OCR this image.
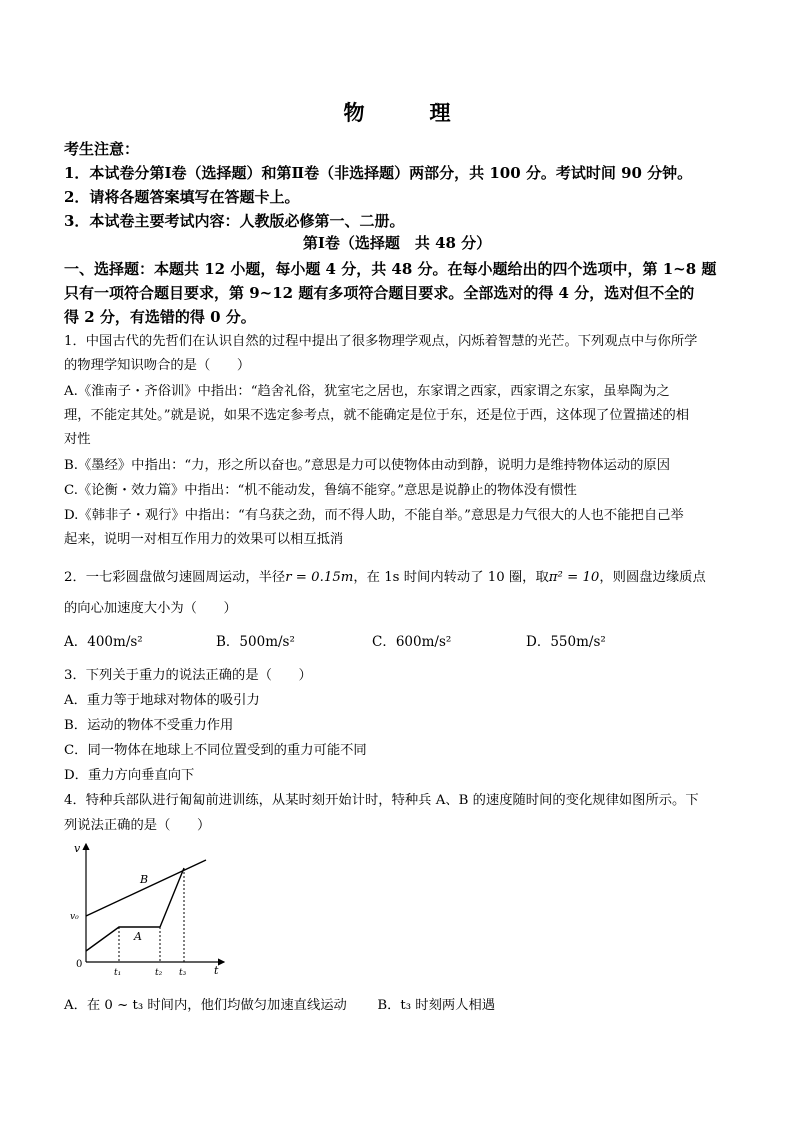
物　理
考生注意：
1．本试卷分第Ⅰ卷（选择题）和第Ⅱ卷（非选择题）两部分，共 100 分。考试时间 90 分钟。
2．请将各题答案填写在答题卡上。
3．本试卷主要考试内容：人教版必修第一、二册。
第Ⅰ卷（选择题　共 48 分）
一、选择题：本题共 12 小题，每小题 4 分，共 48 分。在每小题给出的四个选项中，第 1~8 题
只有一项符合题目要求，第 9~12 题有多项符合题目要求。全部选对的得 4 分，选对但不全的
得 2 分，有选错的得 0 分。
1．中国古代的先哲们在认识自然的过程中提出了很多物理学观点，闪烁着智慧的光芒。下列观点中与你所学
的物理学知识吻合的是（　　）
A.《淮南子・齐俗训》中指出：“趋舍礼俗，犹室宅之居也，东家谓之西家，西家谓之东家，虽皋陶为之
理，不能定其处。”就是说，如果不选定参考点，就不能确定是位于东，还是位于西，这体现了位置描述的相
对性
B.《墨经》中指出：“力，形之所以奋也。”意思是力可以使物体由动到静，说明力是维持物体运动的原因
C.《论衡・效力篇》中指出：“机不能动发，鲁缟不能穿。”意思是说静止的物体没有惯性
D.《韩非子・观行》中指出：“有乌获之劲，而不得人助，不能自举。”意思是力气很大的人也不能把自己举
起来，说明一对相互作用力的效果可以相互抵消
2．一七彩圆盘做匀速圆周运动，半径r = 0.15m，在 1s 时间内转动了 10 圈，取π² = 10，则圆盘边缘质点
的向心加速度大小为（　　）
A．400m/s²	B．500m/s²	C．600m/s²	D．550m/s²
3．下列关于重力的说法正确的是（　　）
A．重力等于地球对物体的吸引力
B．运动的物体不受重力作用
C．同一物体在地球上不同位置受到的重力可能不同
D．重力方向垂直向下
4．特种兵部队进行匍匐前进训练，从某时刻开始计时，特种兵 A、B 的速度随时间的变化规律如图所示。下
列说法正确的是（　　）
v
t
0
v₀
t₁	t₂ t₃
A
B
A．在 0 ~ t₃ 时间内，他们均做匀加速直线运动 B．t₃ 时刻两人相遇
